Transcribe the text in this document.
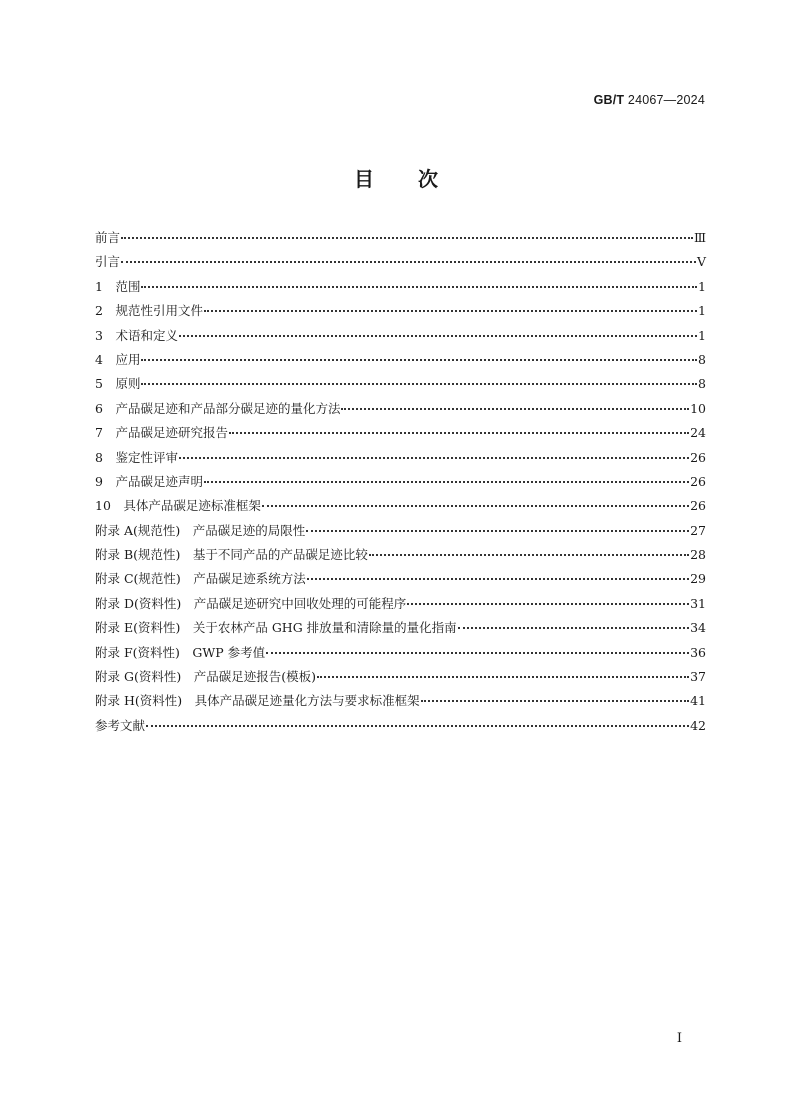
GB/T 24067—2024
目 次
前言	Ⅲ
引言	Ⅴ
1　范围	1
2　规范性引用文件	1
3　术语和定义	1
4　应用	8
5　原则	8
6　产品碳足迹和产品部分碳足迹的量化方法	10
7　产品碳足迹研究报告	24
8　鉴定性评审	26
9　产品碳足迹声明	26
10　具体产品碳足迹标准框架	26
附录 A(规范性)　产品碳足迹的局限性	27
附录 B(规范性)　基于不同产品的产品碳足迹比较	28
附录 C(规范性)　产品碳足迹系统方法	29
附录 D(资料性)　产品碳足迹研究中回收处理的可能程序	31
附录 E(资料性)　关于农林产品 GHG 排放量和清除量的量化指南	34
附录 F(资料性)　GWP 参考值	36
附录 G(资料性)　产品碳足迹报告(模板)	37
附录 H(资料性)　具体产品碳足迹量化方法与要求标准框架	41
参考文献	42
Ⅰ
